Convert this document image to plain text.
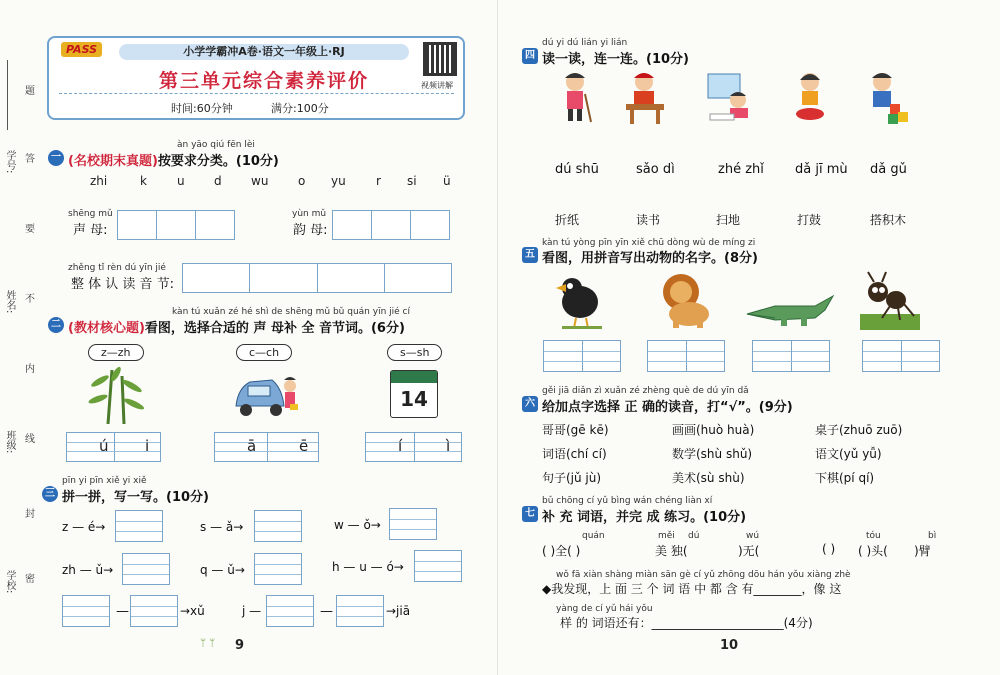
题
学号: 答
要
姓名: 不
内
班级: 线
封
密
学校:
PASS	小学学霸冲A卷·语文一年级上·RJ
第三单元综合素养评价
时间:60分钟	满分:100分
视频讲解
àn yāo qiú fēn lèi
一 (名校期末真题)按要求分类。(10分)
zhi	k	u	d	wu	o	yu	r	si	ü
shēng mǔ
声 母:
yùn mǔ
韵 母:
zhěng tǐ rèn dú yīn jié
整 体 认 读 音 节:
kàn tú xuǎn zé hé shì de shēng mǔ bǔ quán yīn jié cí
二 (教材核心题)看图，选择合适的 声 母补 全 音节词。(6分)
z—zh	c—ch	s—sh
14
ú i	ā	ē	í	ì
pīn yi pīn xiě yi xiě
三 拼一拼，写一写。(10分)
z — é→	s — ǎ→	w — ǒ→
zh — ǔ→	q — ǔ→	h — u — ó→
—	→xǔ	j —	—	→jiā
9
ᛘ ᛘ
dú yi dú lián yi lián
四 读一读，连一连。(10分)
dú shū	sǎo dì	zhé zhǐ dǎ jī mù dǎ gǔ
折纸	读书	扫地	打鼓	搭积木
kàn tú yòng pīn yīn xiě chū dòng wù de míng zi
五 看图，用拼音写出动物的名字。(8分)
gěi jiā diǎn zì xuǎn zé zhèng què de dú yīn dǎ
六 给加点字选择 正 确的读音，打“√”。(9分)
哥哥(gē kē)	画画(huò huà)	桌子(zhuō zuō)
词语(chí cí)	数学(shù shǔ)	语文(yǔ yǚ)
句子(jǔ jù)	美术(sù shù)	下棋(pí qí)
bǔ chōng cí yǔ bìng wán chéng liàn xí
七 补 充 词语，并完 成 练习。(10分)
quán	měi dú	wú	tóu	bì
( )全( )	美 独(	)无(	( ) ( )头( )臂
wǒ fā xiàn shàng miàn sān gè cí yǔ zhōng dōu hán yǒu xiàng zhè
◆我发现，上 面 三 个 词 语 中 都 含 有________，像 这
yàng de cí yǔ hái yǒu
样 的 词语还有：______________________(4分)
10
